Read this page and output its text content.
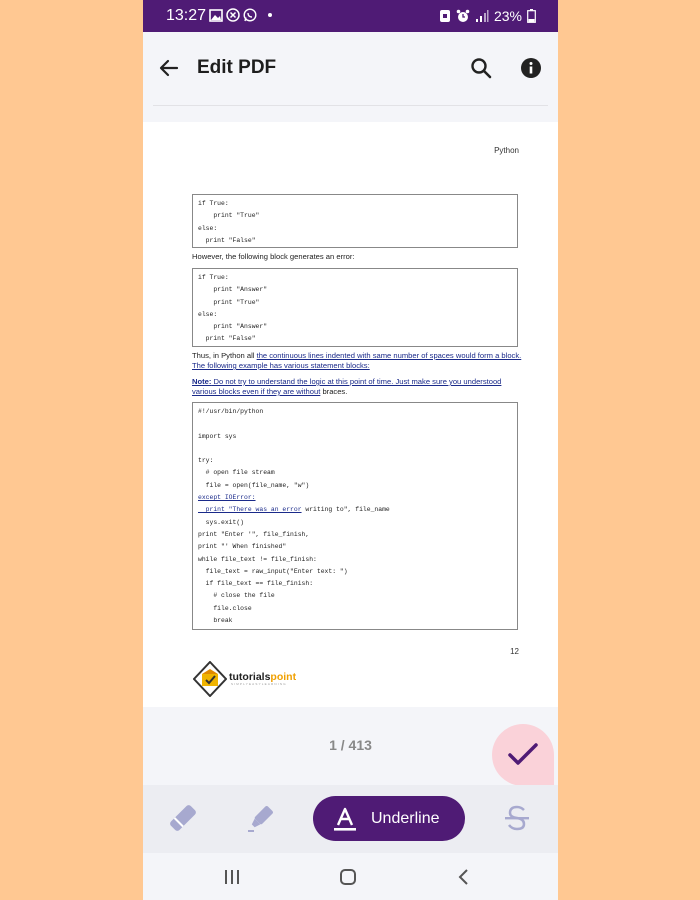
13:27	23%
Edit PDF
Python
if True:
print "True"
else:
print "False"
However, the following block generates an error:
if True:
print "Answer"
print "True"
else:
print "Answer"
print "False"
Thus, in Python all the continuous lines indented with same number of spaces would form a block. The following example has various statement blocks:
Note: Do not try to understand the logic at this point of time. Just make sure you understood various blocks even if they are without braces.
#!/usr/bin/python
import sys
try:
# open file stream
file = open(file_name, "w")
except IOError:
print "There was an error writing to", file_name
sys.exit()
print "Enter '", file_finish,
print "' When finished"
while file_text != file_finish:
file_text = raw_input("Enter text: ")
if file_text == file_finish:
# close the file
file.close
break
12
tutorialspoint
SIMPLYEASYLEARNING
1 / 413
Underline
